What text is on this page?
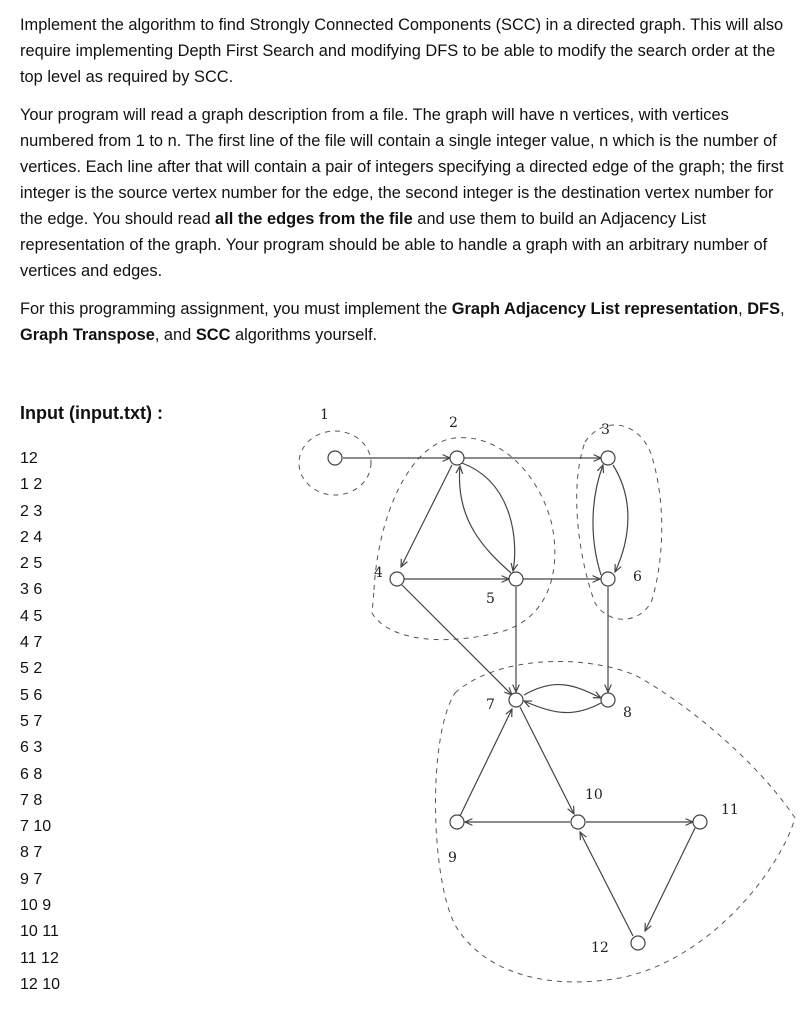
Implement the algorithm to find Strongly Connected Components (SCC) in a directed graph. This will also require implementing Depth First Search and modifying DFS to be able to modify the search order at the top level as required by SCC.

Your program will read a graph description from a file. The graph will have n vertices, with vertices numbered from 1 to n. The first line of the file will contain a single integer value, n which is the number of vertices. Each line after that will contain a pair of integers specifying a directed edge of the graph; the first integer is the source vertex number for the edge, the second integer is the destination vertex number for the edge. You should read all the edges from the file and use them to build an Adjacency List representation of the graph. Your program should be able to handle a graph with an arbitrary number of vertices and edges.

For this programming assignment, you must implement the Graph Adjacency List representation, DFS, Graph Transpose, and SCC algorithms yourself.

Input (input.txt) :
12
1 2
2 3
2 4
2 5
3 6
4 5
4 7
5 2
5 6
5 7
6 3
6 8
7 8
7 10
8 7
9 7
10 9
10 11
11 12
12 10
1	2	3
4
5
6
7	8
9
10
11
12
